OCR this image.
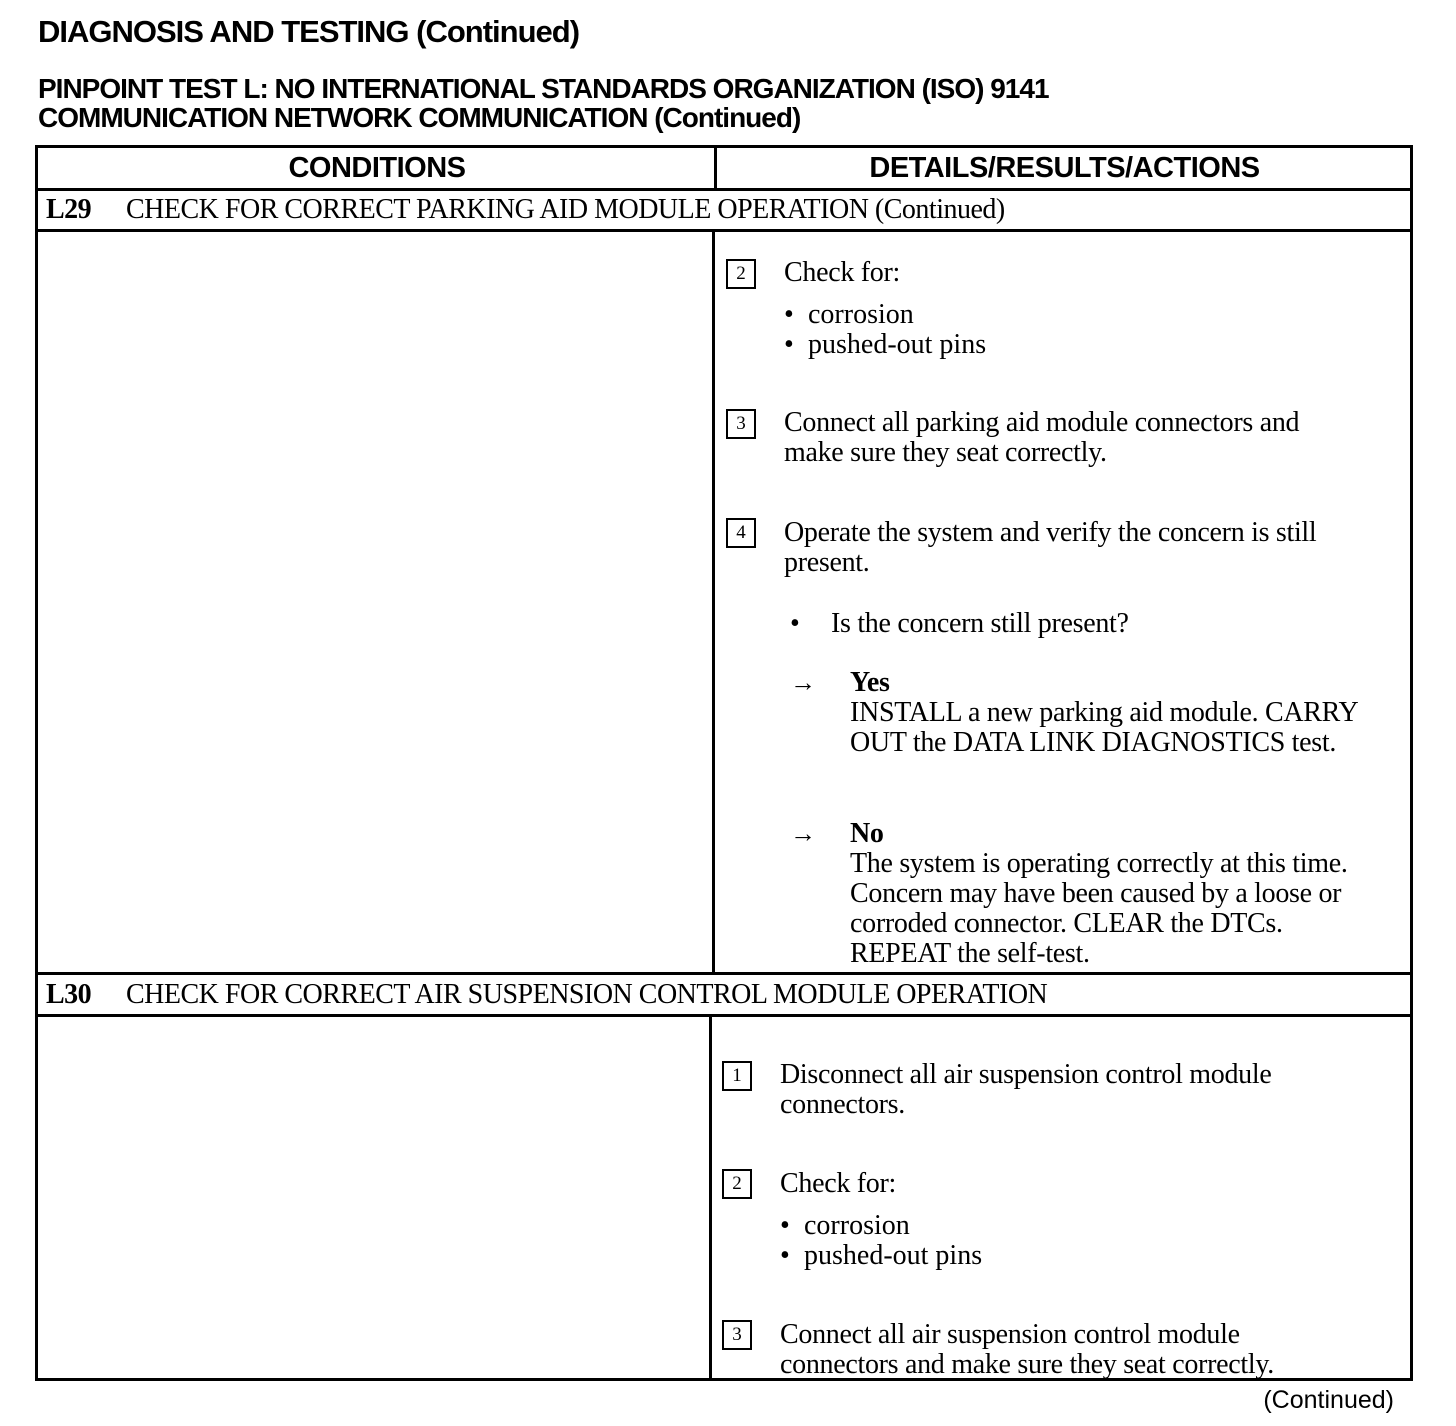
DIAGNOSIS AND TESTING (Continued)
PINPOINT TEST L: NO INTERNATIONAL STANDARDS ORGANIZATION (ISO) 9141
COMMUNICATION NETWORK COMMUNICATION (Continued)
CONDITIONS	DETAILS/RESULTS/ACTIONS
L29 CHECK FOR CORRECT PARKING AID MODULE OPERATION (Continued)
2	Check for:
• corrosion
• pushed-out pins
3	Connect all parking aid module connectors and
make sure they seat correctly.
4	Operate the system and verify the concern is still
present.
• Is the concern still present?
→ Yes
INSTALL a new parking aid module. CARRY
OUT the DATA LINK DIAGNOSTICS test.
→ No
The system is operating correctly at this time.
Concern may have been caused by a loose or
corroded connector. CLEAR the DTCs.
REPEAT the self-test.
L30 CHECK FOR CORRECT AIR SUSPENSION CONTROL MODULE OPERATION
1	Disconnect all air suspension control module
connectors.
2	Check for:
• corrosion
• pushed-out pins
3	Connect all air suspension control module
connectors and make sure they seat correctly.
(Continued)
